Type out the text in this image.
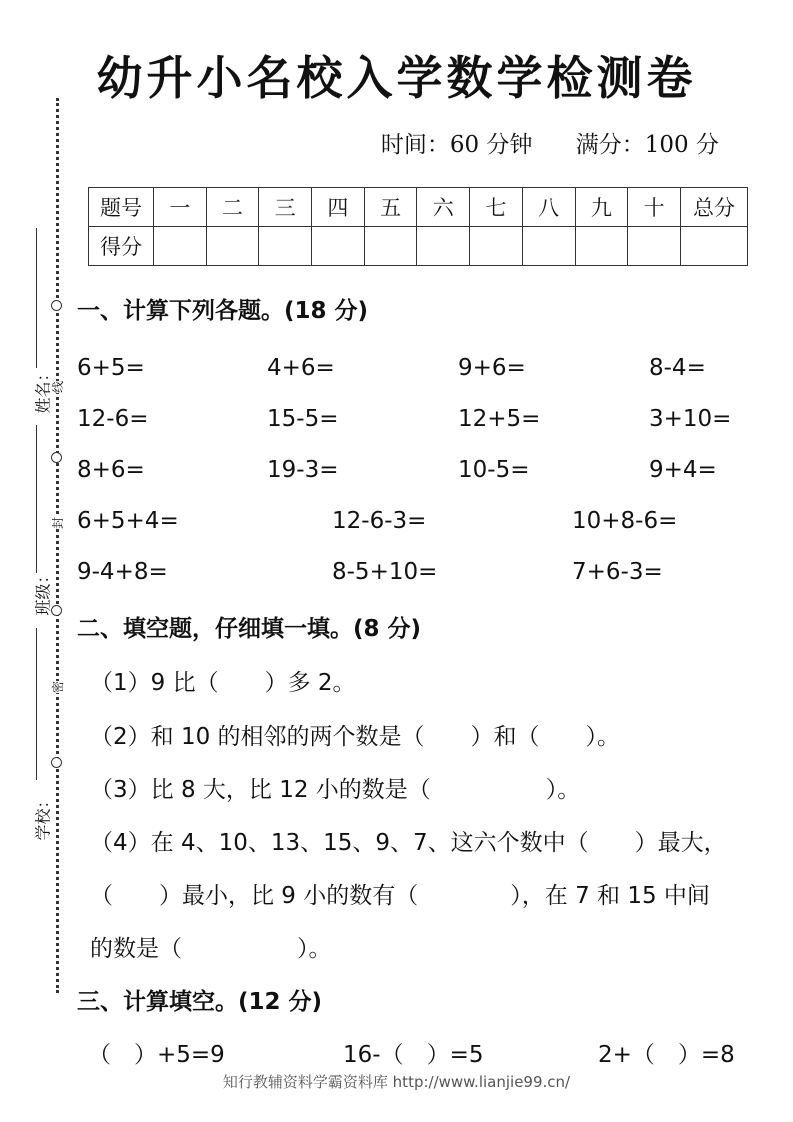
幼升小名校入学数学检测卷
时间：60 分钟 满分：100 分
题号	一	二	三	四	五	六	七	八	九	十	总分
得分											
线
封
密
姓名：
班级：
学校：
一、计算下列各题。(18 分)
6+5=	4+6=	9+6=	8-4=
12-6=	15-5=	12+5=	3+10=
8+6=	19-3=	10-5=	9+4=
6+5+4=	12-6-3=	10+8-6=
9-4+8=	8-5+10=	7+6-3=
二、填空题，仔细填一填。(8 分)
（1）9 比（　　）多 2。
（2）和 10 的相邻的两个数是（　　）和（　　）。
（3）比 8 大，比 12 小的数是（　　　　　）。
（4）在 4、10、13、15、9、7、这六个数中（　　）最大，
（　　）最小，比 9 小的数有（　　　　），在 7 和 15 中间
的数是（　　　　　）。
三、计算填空。(12 分)
（　）+5=9	16-（　）=5	2+（　）=8
知行教辅资料学霸资料库 http://www.lianjie99.cn/
